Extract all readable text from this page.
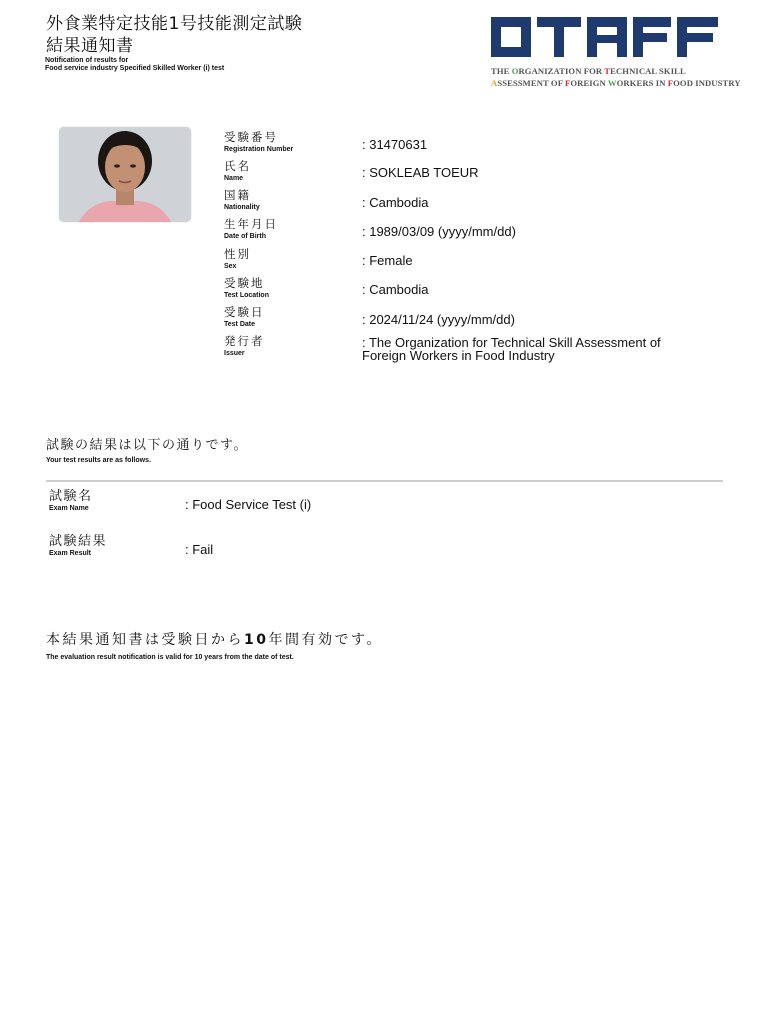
外食業特定技能1号技能測定試験
結果通知書
Notification of results for
Food service industry Specified Skilled Worker (i) test	THE ORGANIZATION FOR TECHNICAL SKILL
ASSESSMENT OF FOREIGN WORKERS IN FOOD INDUSTRY
受験番号
Registration Number	: 31470631
氏名
Name	: SOKLEAB TOEUR
国籍
Nationality	: Cambodia
生年月日
Date of Birth	: 1989/03/09 (yyyy/mm/dd)
性別
Sex	: Female
受験地
Test Location	: Cambodia
受験日
Test Date	: 2024/11/24 (yyyy/mm/dd)
発行者
Issuer
: The Organization for Technical Skill Assessment of
Foreign Workers in Food Industry
試験の結果は以下の通りです。
Your test results are as follows.
試験名
Exam Name	: Food Service Test (i)
試験結果
Exam Result	: Fail
本結果通知書は受験日から10年間有効です。
The evaluation result notification is valid for 10 years from the date of test.
